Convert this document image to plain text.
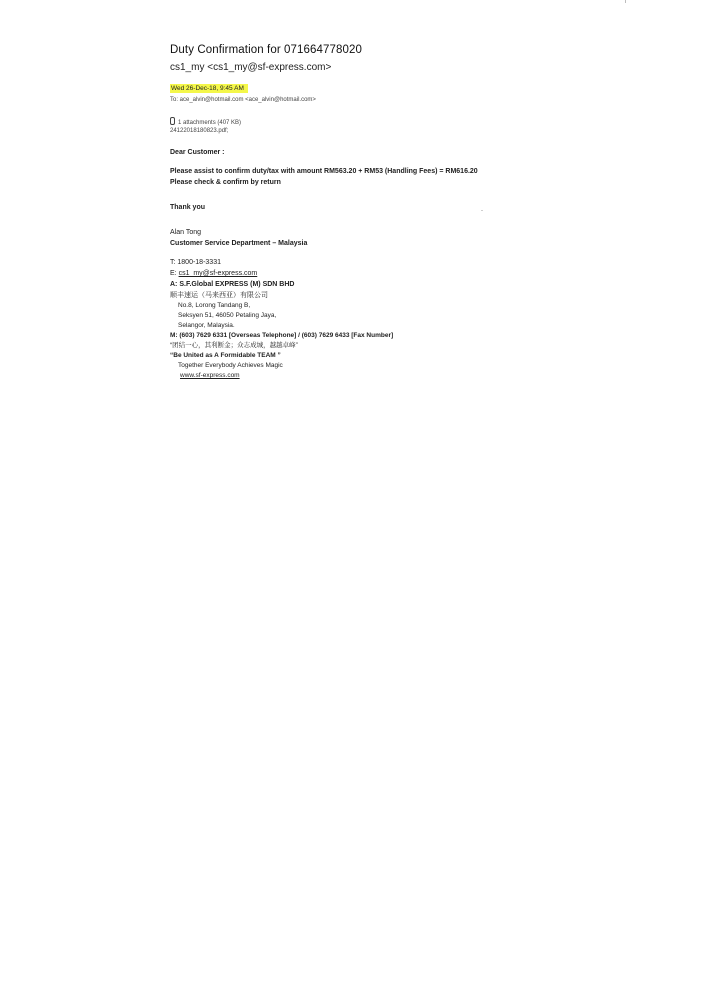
Duty Confirmation for 071664778020
cs1_my <cs1_my@sf-express.com>
Wed 26-Dec-18, 9:45 AM
To: ace_alvin@hotmail.com <ace_alvin@hotmail.com>
1 attachments (407 KB)
24122018180823.pdf;
Dear Customer :
Please assist to confirm duty/tax with amount RM563.20 + RM53 (Handling Fees) = RM616.20
Please check & confirm by return
Thank you
Alan Tong
Customer Service Department – Malaysia
T: 1800-18-3331
E: cs1_my@sf-express.com
A: S.F.Global EXPRESS (M) SDN BHD
顺丰速运（马来西亚）有限公司
No.8, Lorong Tandang B,
Seksyen 51, 46050 Petaling Jaya,
Selangor, Malaysia.
M: (603) 7629 6331 [Overseas Telephone] / (603) 7629 6433 [Fax Number]
“团结一心，其利断金；众志成城，越越卓峰”
“Be United as A Formidable TEAM ”
Together Everybody Achieves Magic
www.sf-express.com
